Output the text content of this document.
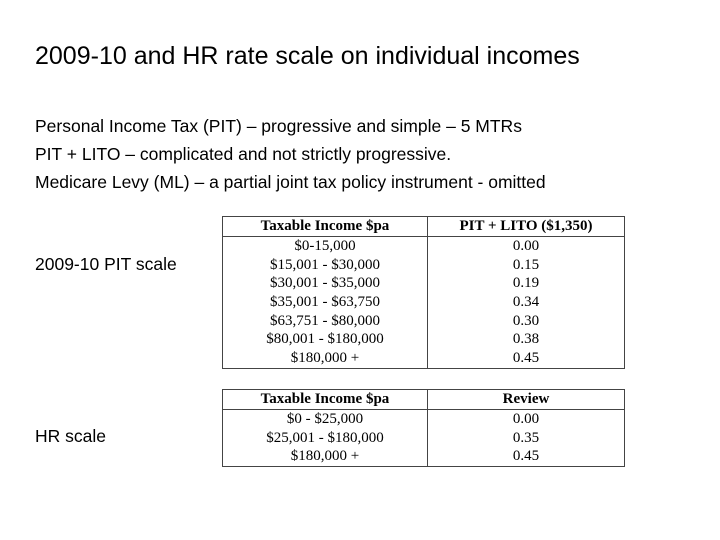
2009-10 and HR rate scale on individual incomes
Personal Income Tax (PIT) – progressive and simple – 5 MTRs
PIT + LITO – complicated and not strictly progressive.
Medicare Levy (ML) – a partial joint tax policy instrument - omitted
2009-10 PIT scale
HR scale
Taxable Income $pa	PIT + LITO ($1,350)
$0-15,000	0.00
$15,001 - $30,000	0.15
$30,001 - $35,000	0.19
$35,001 - $63,750	0.34
$63,751 - $80,000	0.30
$80,001 - $180,000	0.38
$180,000 +	0.45
Taxable Income $pa	Review
$0 - $25,000	0.00
$25,001 - $180,000	0.35
$180,000 +	0.45
